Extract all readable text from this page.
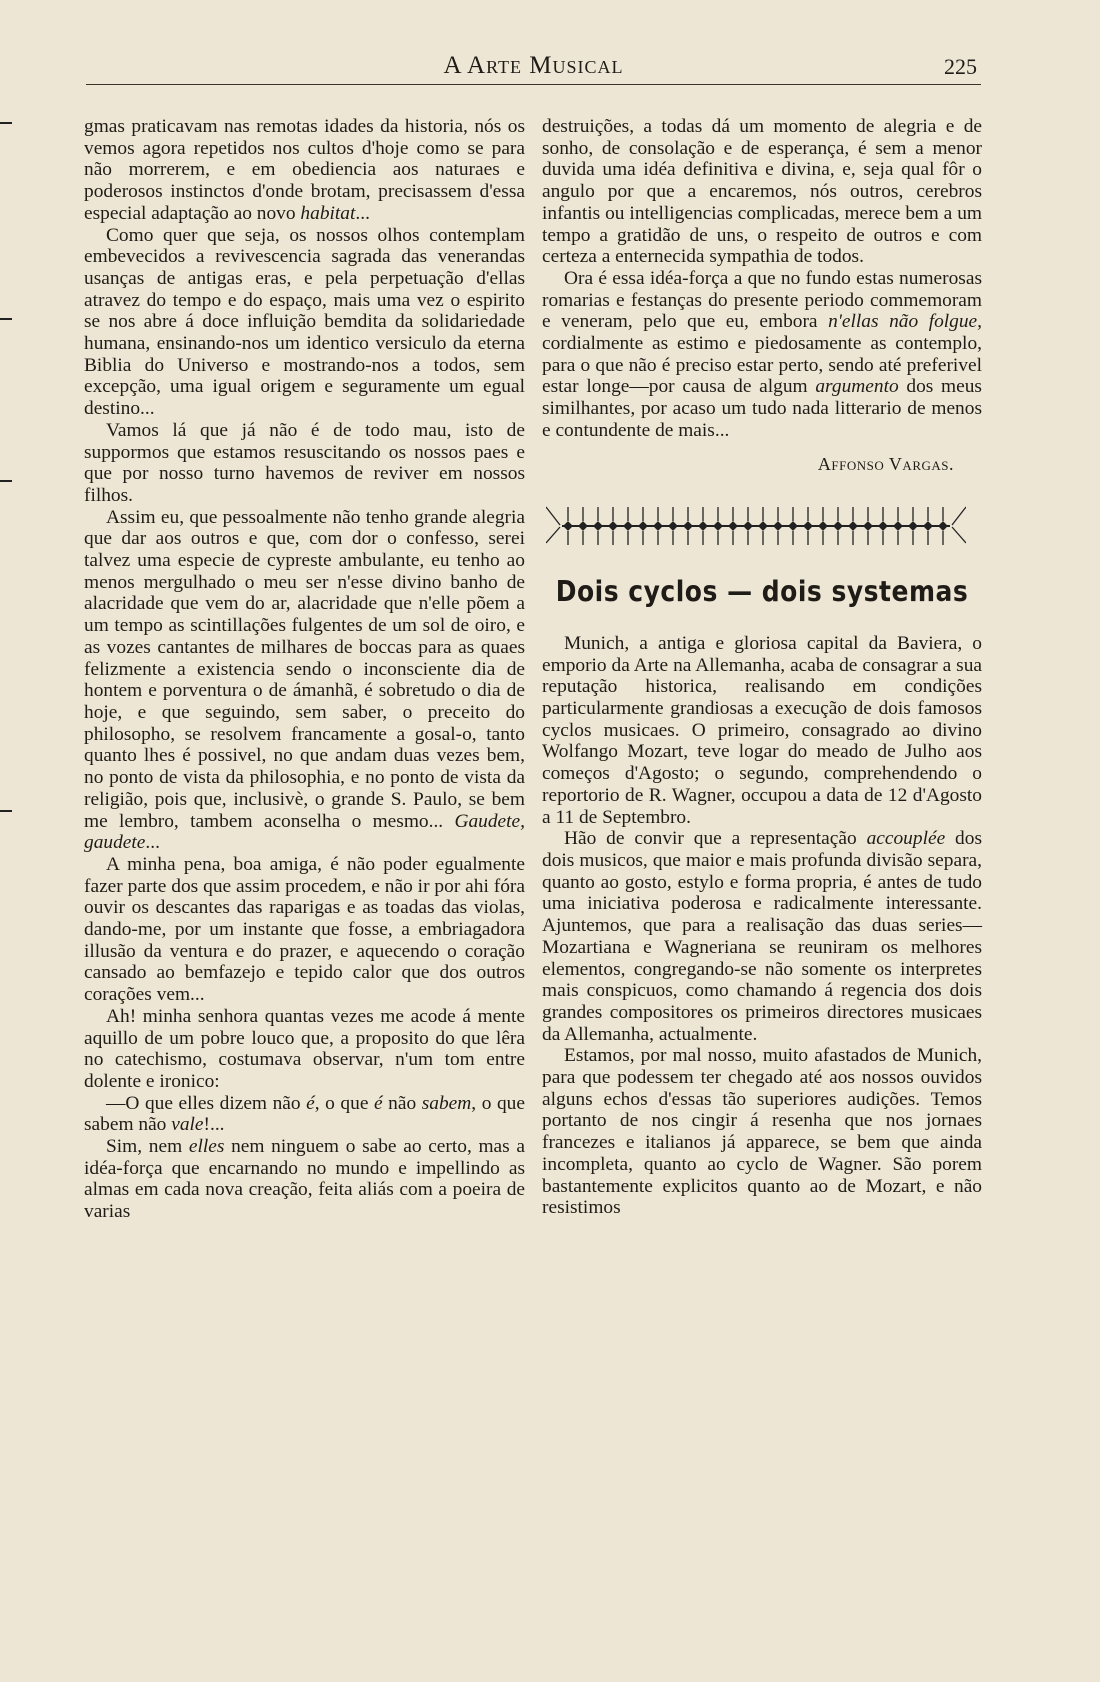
A Arte Musical	225

gmas praticavam nas remotas idades da historia, nós os vemos agora repetidos nos cultos d'hoje como se para não morrerem, e em obediencia aos naturaes e poderosos instinctos d'onde brotam, precisassem d'essa especial adaptação ao novo habitat...

Como quer que seja, os nossos olhos contemplam embevecidos a revivescencia sagrada das venerandas usanças de antigas eras, e pela perpetuação d'ellas atravez do tempo e do espaço, mais uma vez o espirito se nos abre á doce influição bemdita da solidariedade humana, ensinando-nos um identico versiculo da eterna Biblia do Universo e mostrando-nos a todos, sem excepção, uma igual origem e seguramente um egual destino...

Vamos lá que já não é de todo mau, isto de suppormos que estamos resuscitando os nossos paes e que por nosso turno havemos de reviver em nossos filhos.

Assim eu, que pessoalmente não tenho grande alegria que dar aos outros e que, com dor o confesso, serei talvez uma especie de cypreste ambulante, eu tenho ao menos mergulhado o meu ser n'esse divino banho de alacridade que vem do ar, alacridade que n'elle põem a um tempo as scintillações fulgentes de um sol de oiro, e as vozes cantantes de milhares de boccas para as quaes felizmente a existencia sendo o inconsciente dia de hontem e porventura o de ámanhã, é sobretudo o dia de hoje, e que seguindo, sem saber, o preceito do philosopho, se resolvem francamente a gosal-o, tanto quanto lhes é possivel, no que andam duas vezes bem, no ponto de vista da philosophia, e no ponto de vista da religião, pois que, inclusivè, o grande S. Paulo, se bem me lembro, tambem aconselha o mesmo... Gaudete, gaudete...

A minha pena, boa amiga, é não poder egualmente fazer parte dos que assim procedem, e não ir por ahi fóra ouvir os descantes das raparigas e as toadas das violas, dando-me, por um instante que fosse, a embriagadora illusão da ventura e do prazer, e aquecendo o coração cansado ao bemfazejo e tepido calor que dos outros corações vem...

Ah! minha senhora quantas vezes me acode á mente aquillo de um pobre louco que, a proposito do que lêra no catechismo, costumava observar, n'um tom entre dolente e ironico:

—O que elles dizem não é, o que é não sabem, o que sabem não vale!...

Sim, nem elles nem ninguem o sabe ao certo, mas a idéa-força que encarnando no mundo e impellindo as almas em cada nova creação, feita aliás com a poeira de varias

destruições, a todas dá um momento de alegria e de sonho, de consolação e de esperança, é sem a menor duvida uma idéa definitiva e divina, e, seja qual fôr o angulo por que a encaremos, nós outros, cerebros infantis ou intelligencias complicadas, merece bem a um tempo a gratidão de uns, o respeito de outros e com certeza a enternecida sympathia de todos.

Ora é essa idéa-força a que no fundo estas numerosas romarias e festanças do presente periodo commemoram e veneram, pelo que eu, embora n'ellas não folgue, cordialmente as estimo e piedosamente as contemplo, para o que não é preciso estar perto, sendo até preferivel estar longe—por causa de algum argumento dos meus similhantes, por acaso um tudo nada litterario de menos e contundente de mais...

Affonso Vargas.
Dois cyclos — dois systemas

Munich, a antiga e gloriosa capital da Baviera, o emporio da Arte na Allemanha, acaba de consagrar a sua reputação historica, realisando em condições particularmente grandiosas a execução de dois famosos cyclos musicaes. O primeiro, consagrado ao divino Wolfango Mozart, teve logar do meado de Julho aos começos d'Agosto; o segundo, comprehendendo o reportorio de R. Wagner, occupou a data de 12 d'Agosto a 11 de Septembro.

Hão de convir que a representação accouplée dos dois musicos, que maior e mais profunda divisão separa, quanto ao gosto, estylo e forma propria, é antes de tudo uma iniciativa poderosa e radicalmente interessante. Ajuntemos, que para a realisação das duas series—Mozartiana e Wagneriana se reuniram os melhores elementos, congregando-se não somente os interpretes mais conspicuos, como chamando á regencia dos dois grandes compositores os primeiros directores musicaes da Allemanha, actualmente.

Estamos, por mal nosso, muito afastados de Munich, para que podessem ter chegado até aos nossos ouvidos alguns echos d'essas tão superiores audições. Temos portanto de nos cingir á resenha que nos jornaes francezes e italianos já apparece, se bem que ainda incompleta, quanto ao cyclo de Wagner. São porem bastantemente explicitos quanto ao de Mozart, e não resistimos
